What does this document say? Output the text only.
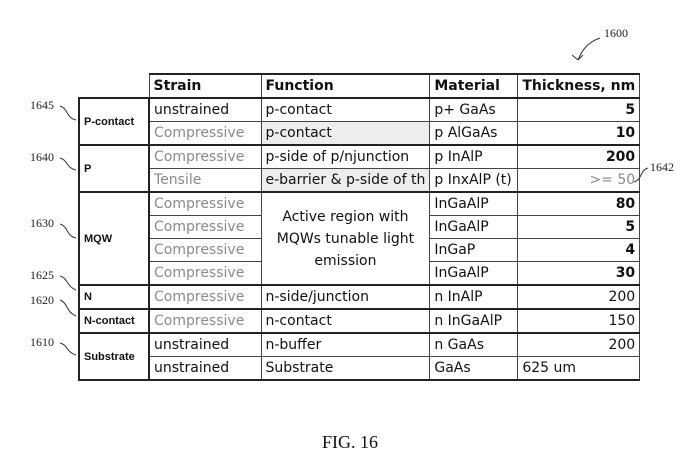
1600
1642
1645
1640
1630
1625
1620
1610
	Strain	Function	Material	Thickness, nm
P-contact	unstrained	p-contact	p+ GaAs	5
	Compressive	p-contact	p AlGaAs	10
P	Compressive	p-side of p/njunction	p InAlP	200
	Tensile	e-barrier & p-side of th	p InxAlP (t)	>= 50
MQW	Compressive	Active region with MQWs tunable light emission	InGaAlP	80
	Compressive		InGaAlP	5
	Compressive		InGaP	4
	Compressive		InGaAlP	30
N	Compressive	n-side/junction	n InAlP	200
N-contact	Compressive	n-contact	n InGaAlP	150
Substrate	unstrained	n-buffer	n GaAs	200
	unstrained	Substrate	GaAs	625 um
FIG. 16
